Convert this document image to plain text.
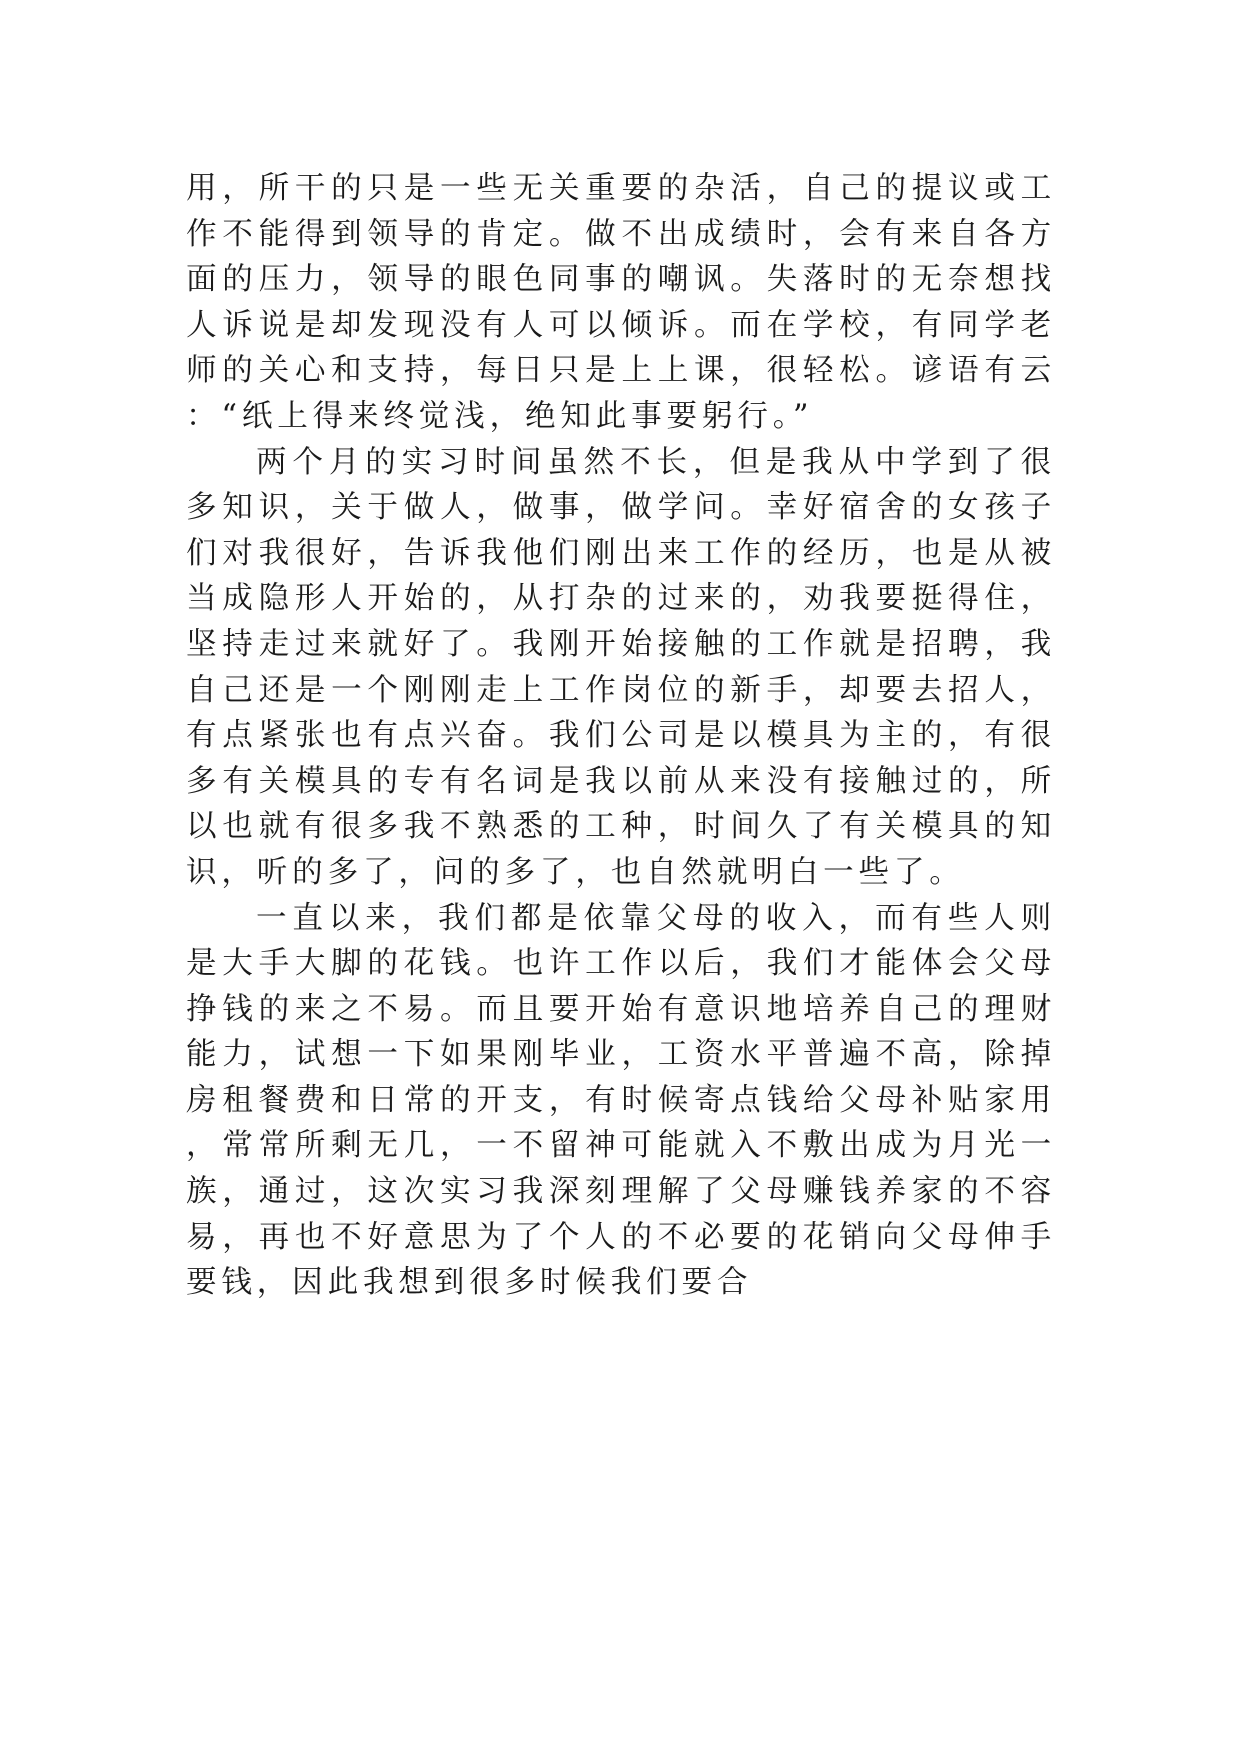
用，所干的只是一些无关重要的杂活，自己的提议或工作不能得到领导的肯定。做不出成绩时，会有来自各方面的压力，领导的眼色同事的嘲讽。失落时的无奈想找人诉说是却发现没有人可以倾诉。而在学校，有同学老师的关心和支持，每日只是上上课，很轻松。谚语有云：“纸上得来终觉浅，绝知此事要躬行。”

两个月的实习时间虽然不长，但是我从中学到了很多知识，关于做人，做事，做学问。幸好宿舍的女孩子们对我很好，告诉我他们刚出来工作的经历，也是从被当成隐形人开始的，从打杂的过来的，劝我要挺得住，坚持走过来就好了。我刚开始接触的工作就是招聘，我自己还是一个刚刚走上工作岗位的新手，却要去招人，有点紧张也有点兴奋。我们公司是以模具为主的，有很多有关模具的专有名词是我以前从来没有接触过的，所以也就有很多我不熟悉的工种，时间久了有关模具的知识，听的多了，问的多了，也自然就明白一些了。

一直以来，我们都是依靠父母的收入，而有些人则是大手大脚的花钱。也许工作以后，我们才能体会父母挣钱的来之不易。而且要开始有意识地培养自己的理财能力，试想一下如果刚毕业，工资水平普遍不高，除掉房租餐费和日常的开支，有时候寄点钱给父母补贴家用，常常所剩无几，一不留神可能就入不敷出成为月光一族，通过，这次实习我深刻理解了父母赚钱养家的不容易，再也不好意思为了个人的不必要的花销向父母伸手要钱，因此我想到很多时候我们要合
